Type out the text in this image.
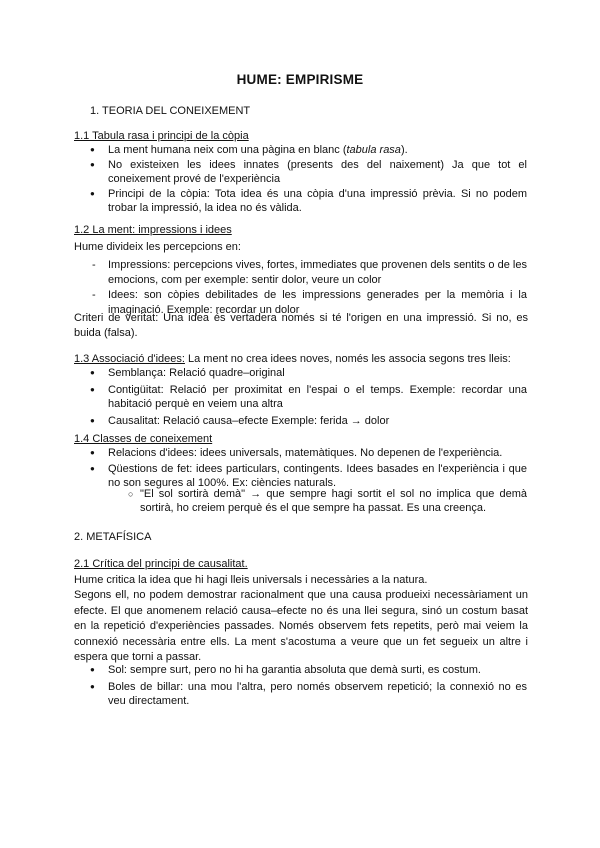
HUME: EMPIRISME
1. TEORIA DEL CONEIXEMENT
1.1 Tabula rasa i principi de la còpia
● La ment humana neix com una pàgina en blanc (tabula rasa).
● No existeixen les idees innates (presents des del naixement) Ja que tot el coneixement prové de l'experiència
● Principi de la còpia: Tota idea és una còpia d'una impressió prèvia. Si no podem trobar la impressió, la idea no és vàlida.
1.2 La ment: impressions i idees
Hume divideix les percepcions en:
- Impressions: percepcions vives, fortes, immediates que provenen dels sentits o de les emocions, com per exemple: sentir dolor, veure un color
- Idees: son còpies debilitades de les impressions generades per la memòria i la imaginació. Exemple: recordar un dolor
Criteri de veritat: Una idea és vertadera només si té l'origen en una impressió. Si no, es buida (falsa).
1.3 Associació d'idees: La ment no crea idees noves, només les associa segons tres lleis:
● Semblança: Relació quadre–original
● Contigüitat: Relació per proximitat en l'espai o el temps. Exemple: recordar una habitació perquè en veiem una altra
● Causalitat: Relació causa–efecte Exemple: ferida → dolor
1.4 Classes de coneixement
● Relacions d'idees: idees universals, matemàtiques. No depenen de l'experiència.
● Qüestions de fet: idees particulars, contingents. Idees basades en l'experiència i que no son segures al 100%. Ex: ciències naturals.
○ "El sol sortirà demà" → que sempre hagi sortit el sol no implica que demà sortirà, ho creiem perquè és el que sempre ha passat. Es una creença.
2. METAFÍSICA
2.1 Crítica del principi de causalitat.
Hume critica la idea que hi hagi lleis universals i necessàries a la natura.
Segons ell, no podem demostrar racionalment que una causa produeixi necessàriament un efecte. El que anomenem relació causa–efecte no és una llei segura, sinó un costum basat en la repetició d'experiències passades. Només observem fets repetits, però mai veiem la connexió necessària entre ells. La ment s'acostuma a veure que un fet segueix un altre i espera que torni a passar.
● Sol: sempre surt, pero no hi ha garantia absoluta que demà surti, es costum.
● Boles de billar: una mou l'altra, pero només observem repetició; la connexió no es veu directament.
